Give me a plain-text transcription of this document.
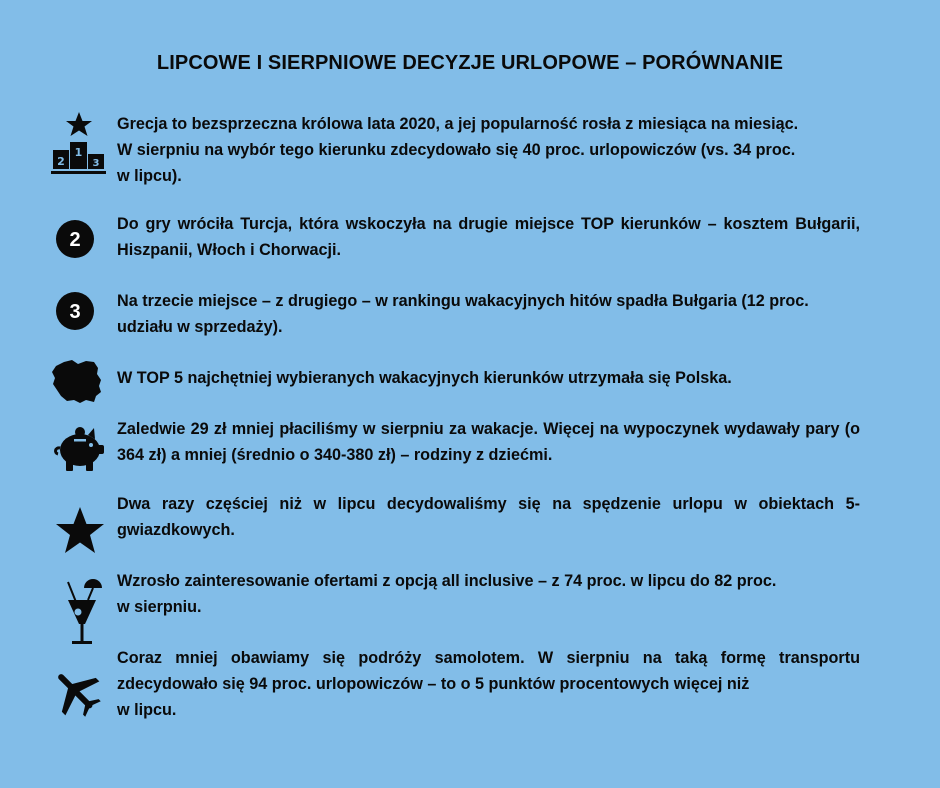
LIPCOWE I SIERPNIOWE DECYZJE URLOPOWE – PORÓWNANIE
1
2	3
Grecja to bezsprzeczna królowa lata 2020, a jej popularność rosła z miesiąca na miesiąc.
W sierpniu na wybór tego kierunku zdecydowało się 40 proc. urlopowiczów (vs. 34 proc.
w lipcu).
2
Do gry wróciła Turcja, która wskoczyła na drugie miejsce TOP kierunków – kosztem Bułgarii, Hiszpanii, Włoch i Chorwacji.
3 Na trzecie miejsce – z drugiego – w rankingu wakacyjnych hitów spadła Bułgaria (12 proc.
udziału w sprzedaży).
W TOP 5 najchętniej wybieranych wakacyjnych kierunków utrzymała się Polska.
Zaledwie 29 zł mniej płaciliśmy w sierpniu za wakacje. Więcej na wypoczynek wydawały pary (o 364 zł) a mniej (średnio o 340-380 zł) – rodziny z dziećmi.
Dwa razy częściej niż w lipcu decydowaliśmy się na spędzenie urlopu w obiektach 5-gwiazdkowych.
Wzrosło zainteresowanie ofertami z opcją all inclusive – z 74 proc. w lipcu do 82 proc.
w sierpniu.
Coraz mniej obawiamy się podróży samolotem. W sierpniu na taką formę transportu
zdecydowało się 94 proc. urlopowiczów – to o 5 punktów procentowych więcej niż
w lipcu.
